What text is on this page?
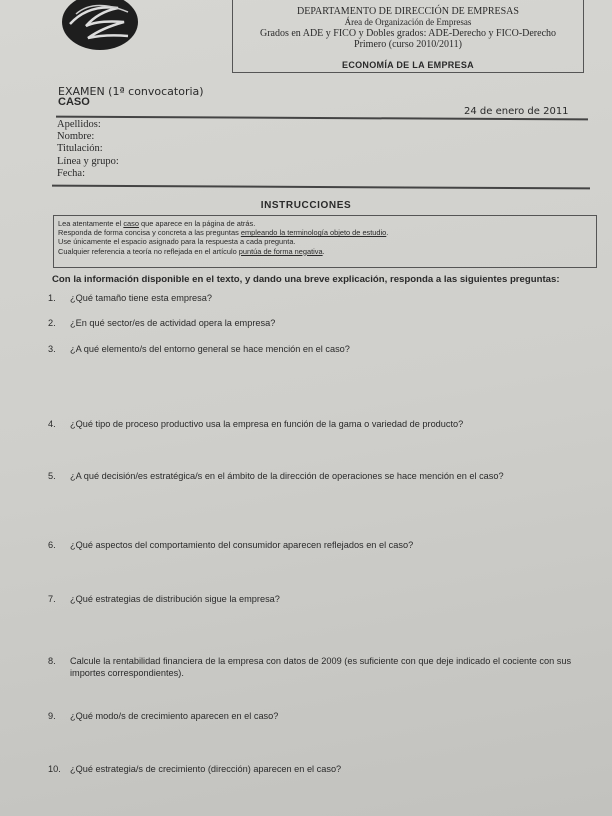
DEPARTAMENTO DE DIRECCIÓN DE EMPRESAS
Área de Organización de Empresas
Grados en ADE y FICO y Dobles grados: ADE-Derecho y FICO-Derecho
Primero (curso 2010/2011)
ECONOMÍA DE LA EMPRESA
EXAMEN (1ª convocatoria)
CASO
24 de enero de 2011
Apellidos:
Nombre:
Titulación:
Línea y grupo:
Fecha:
INSTRUCCIONES
Lea atentamente el caso que aparece en la página de atrás.
Responda de forma concisa y concreta a las preguntas empleando la terminología objeto de estudio.
Use únicamente el espacio asignado para la respuesta a cada pregunta.
Cualquier referencia a teoría no reflejada en el artículo puntúa de forma negativa.
Con la información disponible en el texto, y dando una breve explicación, responda a las siguientes preguntas:
1.	¿Qué tamaño tiene esta empresa?
2.	¿En qué sector/es de actividad opera la empresa?
3.	¿A qué elemento/s del entorno general se hace mención en el caso?
4.	¿Qué tipo de proceso productivo usa la empresa en función de la gama o variedad de producto?
5.	¿A qué decisión/es estratégica/s en el ámbito de la dirección de operaciones se hace mención en el caso?
6.	¿Qué aspectos del comportamiento del consumidor aparecen reflejados en el caso?
7.	¿Qué estrategias de distribución sigue la empresa?
8.	Calcule la rentabilidad financiera de la empresa con datos de 2009 (es suficiente con que deje indicado el cociente con sus importes correspondientes).
9.	¿Qué modo/s de crecimiento aparecen en el caso?
10.	¿Qué estrategia/s de crecimiento (dirección) aparecen en el caso?
